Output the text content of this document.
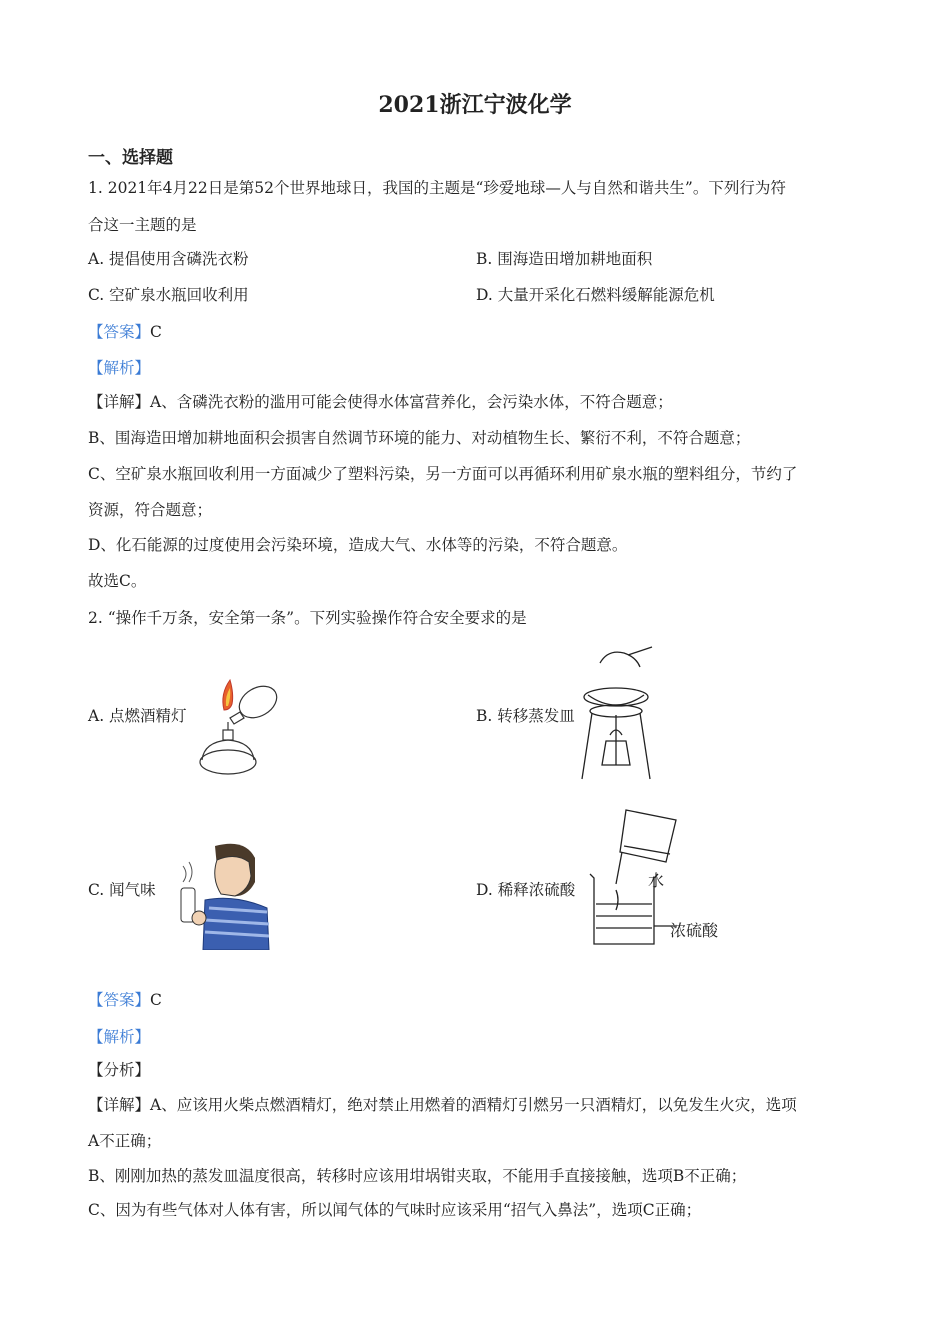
2021浙江宁波化学
一、选择题
1. 2021年4月22日是第52个世界地球日，我国的主题是“珍爱地球—人与自然和谐共生”。下列行为符
合这一主题的是
A. 提倡使用含磷洗衣粉	B. 围海造田增加耕地面积
C. 空矿泉水瓶回收利用	D. 大量开采化石燃料缓解能源危机
【答案】C
【解析】
【详解】A、含磷洗衣粉的滥用可能会使得水体富营养化，会污染水体，不符合题意；
B、围海造田增加耕地面积会损害自然调节环境的能力、对动植物生长、繁衍不利，不符合题意；
C、空矿泉水瓶回收利用一方面减少了塑料污染，另一方面可以再循环利用矿泉水瓶的塑料组分，节约了
资源，符合题意；
D、化石能源的过度使用会污染环境，造成大气、水体等的污染，不符合题意。
故选C。
2. “操作千万条，安全第一条”。下列实验操作符合安全要求的是
A. 点燃酒精灯	B. 转移蒸发皿
C. 闻气味	D. 稀释浓硫酸	水
浓硫酸
【答案】C
【解析】
【分析】
【详解】A、应该用火柴点燃酒精灯，绝对禁止用燃着的酒精灯引燃另一只酒精灯，以免发生火灾，选项
A不正确；
B、刚刚加热的蒸发皿温度很高，转移时应该用坩埚钳夹取，不能用手直接接触，选项B不正确；
C、因为有些气体对人体有害，所以闻气体的气味时应该采用“招气入鼻法”，选项C正确；
